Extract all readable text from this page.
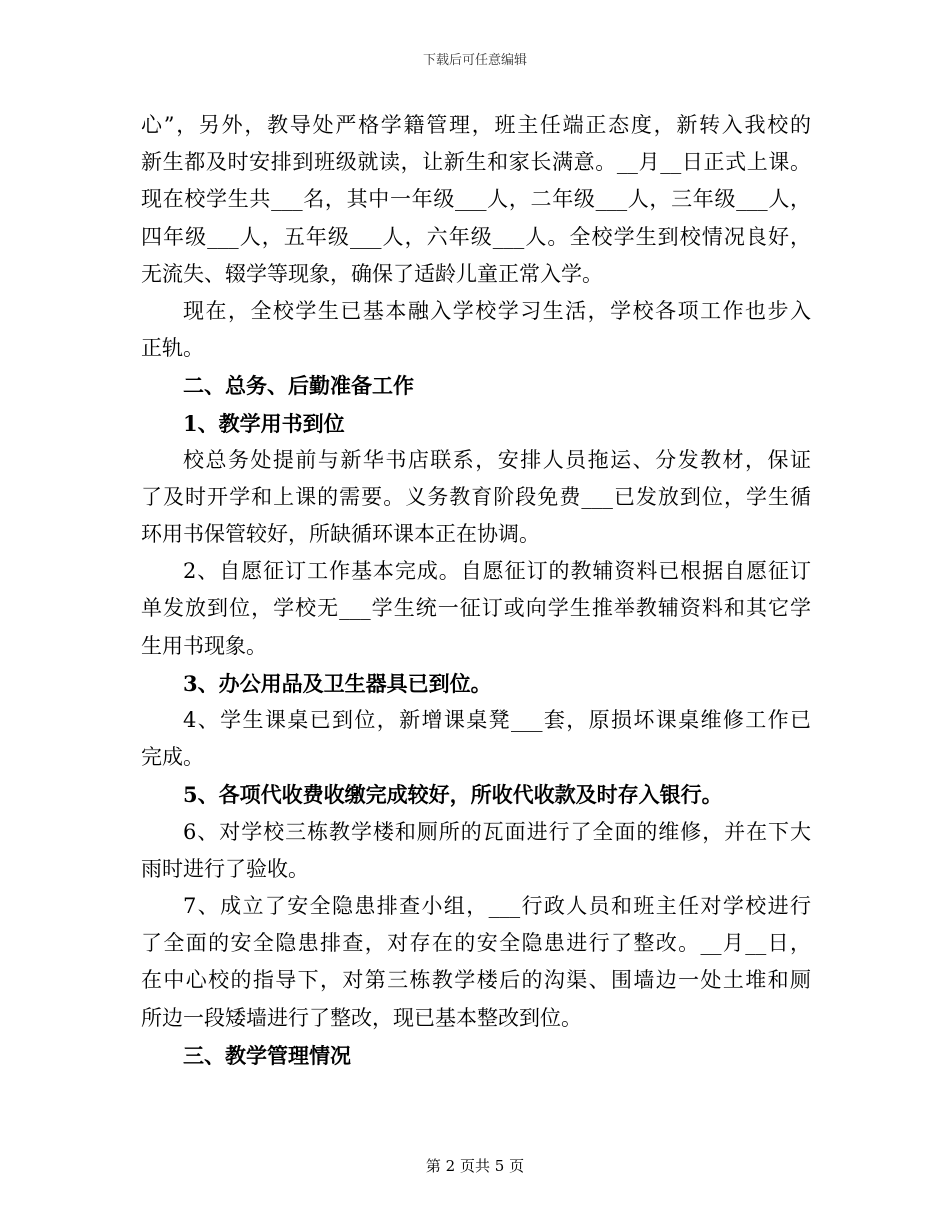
下载后可任意编辑
心”，另外，教导处严格学籍管理，班主任端正态度，新转入我校的
新生都及时安排到班级就读，让新生和家长满意。__月__日正式上课。
现在校学生共___名，其中一年级___人，二年级___人，三年级___人，
四年级___人，五年级___人，六年级___人。全校学生到校情况良好，
无流失、辍学等现象，确保了适龄儿童正常入学。
现在，全校学生已基本融入学校学习生活，学校各项工作也步入
正轨。
二、总务、后勤准备工作
1、教学用书到位
校总务处提前与新华书店联系，安排人员拖运、分发教材，保证
了及时开学和上课的需要。义务教育阶段免费___已发放到位，学生循
环用书保管较好，所缺循环课本正在协调。
2、自愿征订工作基本完成。自愿征订的教辅资料已根据自愿征订
单发放到位，学校无___学生统一征订或向学生推举教辅资料和其它学
生用书现象。
3、办公用品及卫生器具已到位。
4、学生课桌已到位，新增课桌凳___套，原损坏课桌维修工作已
完成。
5、各项代收费收缴完成较好，所收代收款及时存入银行。
6、对学校三栋教学楼和厕所的瓦面进行了全面的维修，并在下大
雨时进行了验收。
7、成立了安全隐患排查小组，___行政人员和班主任对学校进行
了全面的安全隐患排查，对存在的安全隐患进行了整改。__月__日，
在中心校的指导下，对第三栋教学楼后的沟渠、围墙边一处土堆和厕
所边一段矮墙进行了整改，现已基本整改到位。
三、教学管理情况
第 2 页共 5 页
